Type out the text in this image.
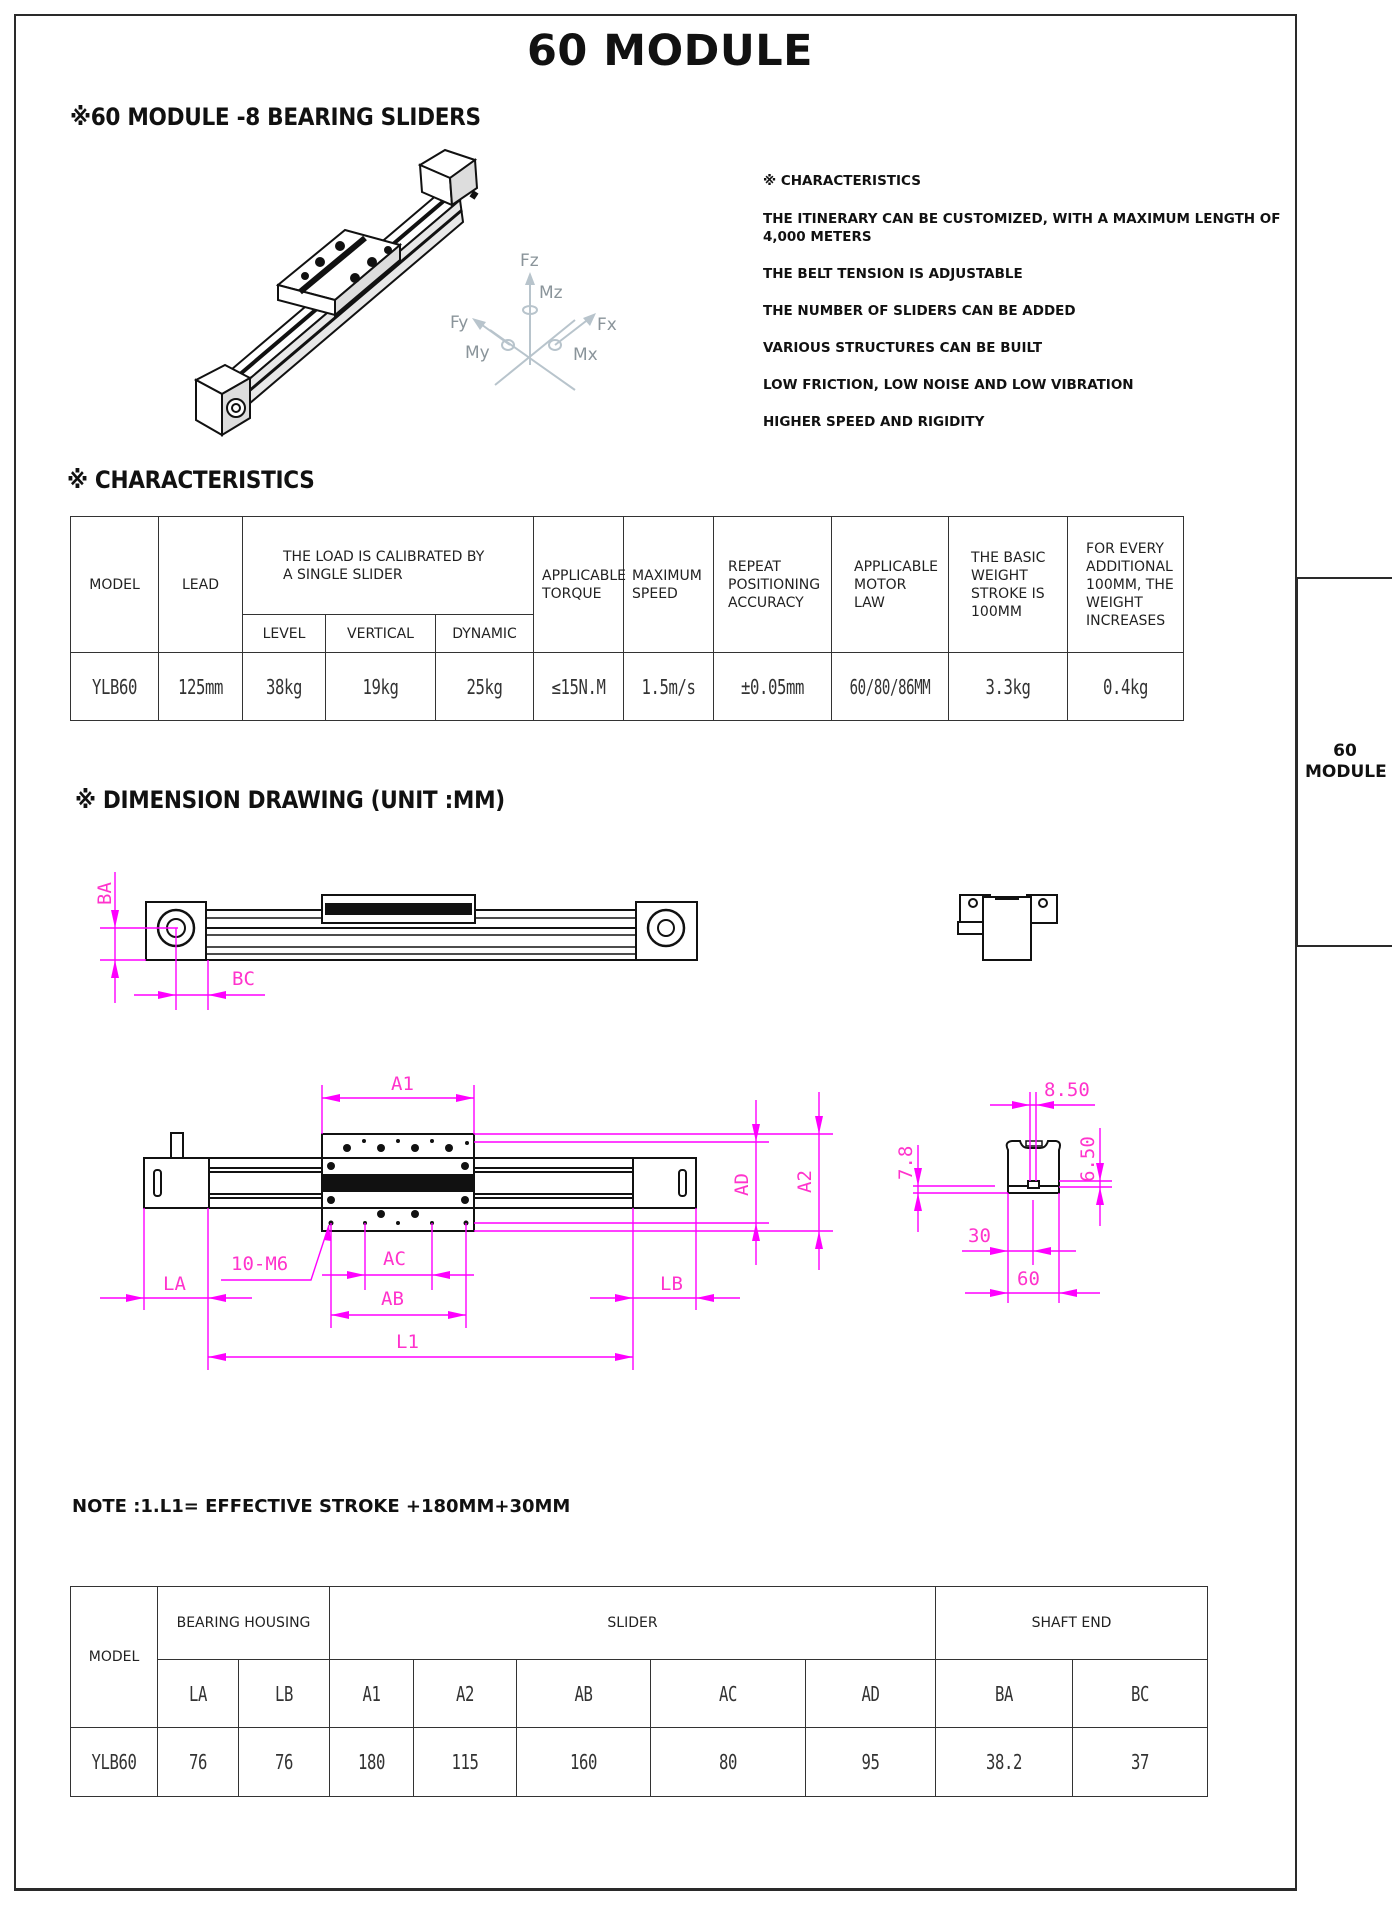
60 MODULE
60 MODULE
※60 MODULE -8 BEARING SLIDERS
Fz
Mz
Fy
My
Fx
Mx
※ CHARACTERISTICS
THE ITINERARY CAN BE CUSTOMIZED, WITH A MAXIMUM LENGTH OF 4,000 METERS
THE BELT TENSION IS ADJUSTABLE
THE NUMBER OF SLIDERS CAN BE ADDED
VARIOUS STRUCTURES CAN BE BUILT
LOW FRICTION, LOW NOISE AND LOW VIBRATION
HIGHER SPEED AND RIGIDITY
※ CHARACTERISTICS
MODEL	LEAD	THE LOAD IS CALIBRATED BY A SINGLE SLIDER			APPLICABLE TORQUE	MAXIMUM SPEED	REPEAT POSITIONING ACCURACY	APPLICABLE MOTOR LAW	THE BASIC WEIGHT STROKE IS 100MM	FOR EVERY ADDITIONAL 100MM, THE WEIGHT INCREASES
		LEVEL	VERTICAL	DYNAMIC						

YLB60	125mm	38kg	19kg	25kg	≤15N.M	1.5m/s	±0.05mm	60/80/86MM	3.3kg	0.4kg
※ DIMENSION DRAWING (UNIT :MM)
BA
BC
A1
AD A2
AC
AB
10-M6
LA	LB
L1
8.50
7.8	6.50
30
60
NOTE :1.L1= EFFECTIVE STROKE +180MM+30MM
MODEL	BEARING HOUSING		SLIDER					SHAFT END	

	LA	LB	A1	A2	AB	AC	AD	BA	BC

YLB60	76	76	180	115	160	80	95	38.2	37
